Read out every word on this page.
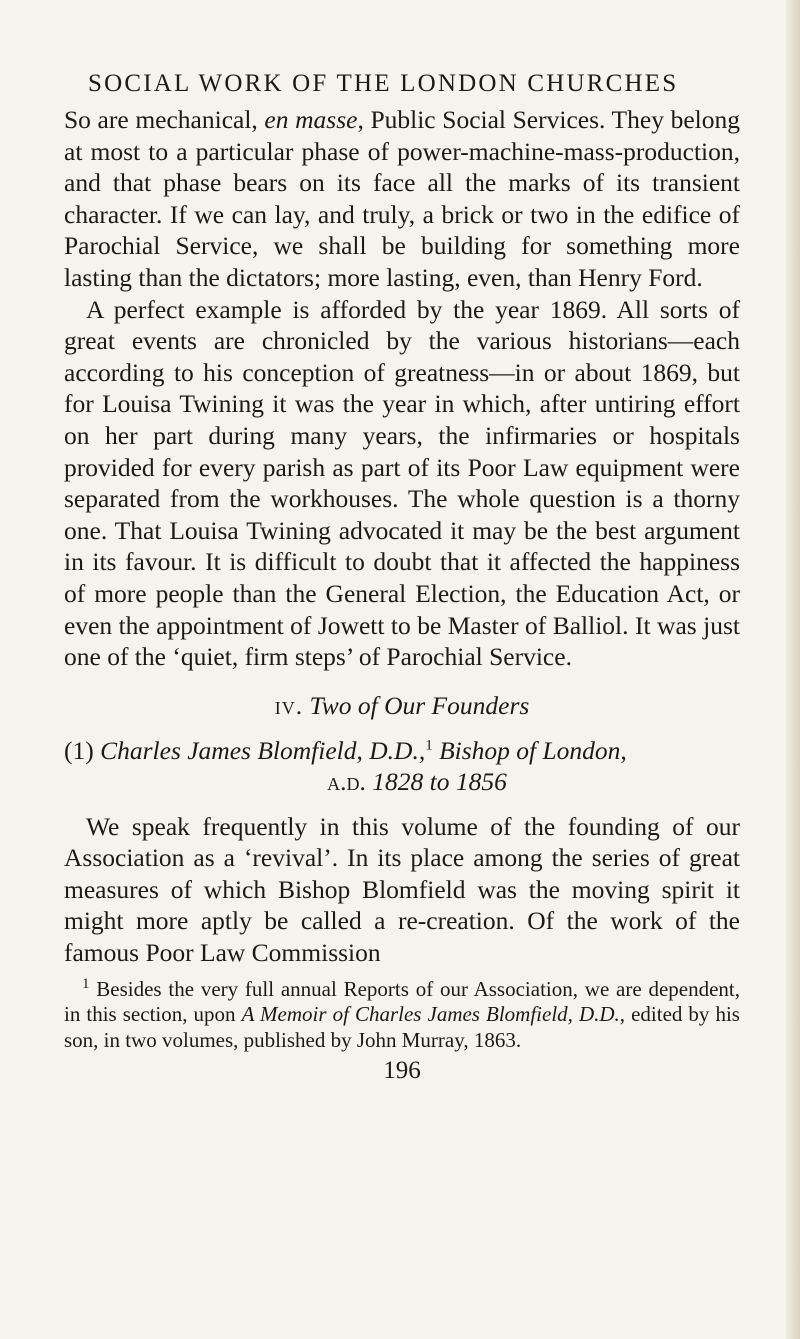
SOCIAL WORK OF THE LONDON CHURCHES

So are mechanical, en masse, Public Social Services. They belong at most to a particular phase of power-machine-mass-production, and that phase bears on its face all the marks of its transient character. If we can lay, and truly, a brick or two in the edifice of Parochial Service, we shall be building for something more lasting than the dictators; more lasting, even, than Henry Ford.

A perfect example is afforded by the year 1869. All sorts of great events are chronicled by the various historians—each according to his conception of greatness—in or about 1869, but for Louisa Twining it was the year in which, after untiring effort on her part during many years, the infirmaries or hospitals provided for every parish as part of its Poor Law equipment were separated from the workhouses. The whole question is a thorny one. That Louisa Twining advocated it may be the best argument in its favour. It is difficult to doubt that it affected the happiness of more people than the General Election, the Education Act, or even the appointment of Jowett to be Master of Balliol. It was just one of the ‘quiet, firm steps’ of Parochial Service.

iv. Two of Our Founders
(1) Charles James Blomfield, D.D.,$^1$ Bishop of London,
a.d. 1828 to 1856

We speak frequently in this volume of the founding of our Association as a ‘revival’. In its place among the series of great measures of which Bishop Blomfield was the moving spirit it might more aptly be called a re-creation. Of the work of the famous Poor Law Commission

$^1$ Besides the very full annual Reports of our Association, we are dependent, in this section, upon A Memoir of Charles James Blomfield, D.D., edited by his son, in two volumes, published by John Murray, 1863.
196
